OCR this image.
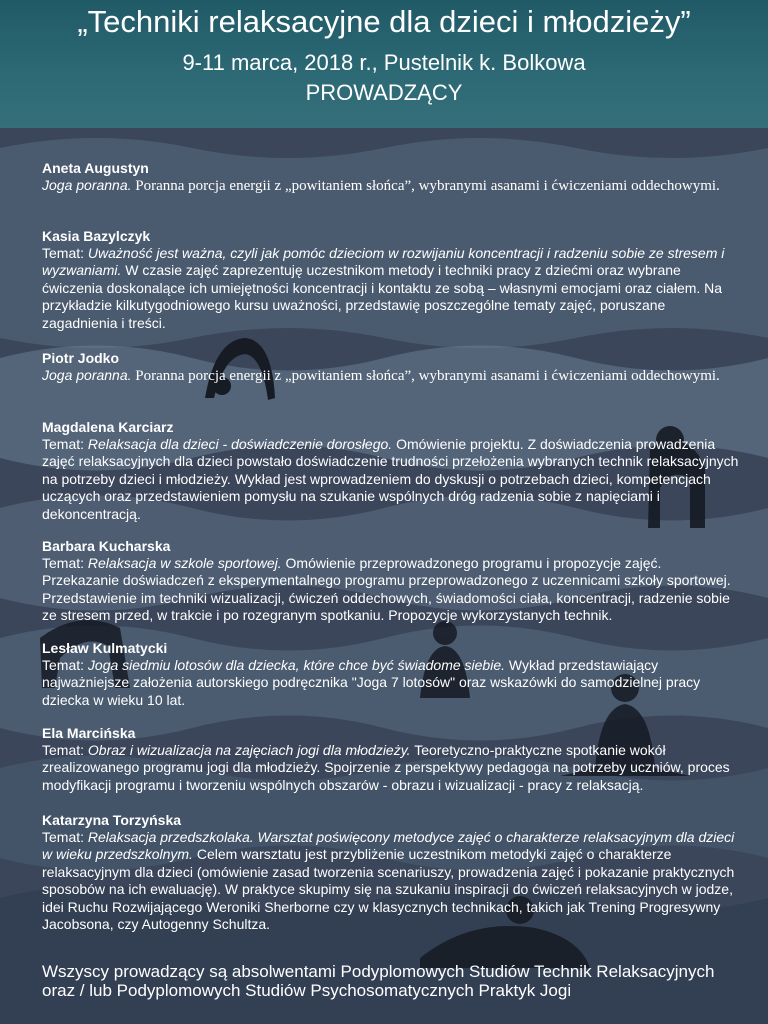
„Techniki relaksacyjne dla dzieci i młodzieży”
9-11 marca, 2018 r., Pustelnik k. Bolkowa
PROWADZĄCY
Aneta Augustyn
Joga poranna. Poranna porcja energii z „powitaniem słońca”, wybranymi asanami i ćwiczeniami oddechowymi.
Kasia Bazylczyk
Temat: Uważność jest ważna, czyli jak pomóc dzieciom w rozwijaniu koncentracji i radzeniu sobie ze stresem i wyzwaniami. W czasie zajęć zaprezentuję uczestnikom metody i techniki pracy z dziećmi oraz wybrane ćwiczenia doskonalące ich umiejętności koncentracji i kontaktu ze sobą – własnymi emocjami oraz ciałem. Na przykładzie kilkutygodniowego kursu uważności, przedstawię poszczególne tematy zajęć, poruszane zagadnienia i treści.
Piotr Jodko
Joga poranna. Poranna porcja energii z „powitaniem słońca”, wybranymi asanami i ćwiczeniami oddechowymi.
Magdalena Karciarz
Temat: Relaksacja dla dzieci - doświadczenie dorosłego. Omówienie projektu. Z doświadczenia prowadzenia zajęć relaksacyjnych dla dzieci powstało doświadczenie trudności przełożenia wybranych technik relaksacyjnych na potrzeby dzieci i młodzieży. Wykład jest wprowadzeniem do dyskusji o potrzebach dzieci, kompetencjach uczących oraz przedstawieniem pomysłu na szukanie wspólnych dróg radzenia sobie z napięciami i dekoncentracją.
Barbara Kucharska
Temat: Relaksacja w szkole sportowej. Omówienie przeprowadzonego programu i propozycje zajęć. Przekazanie doświadczeń z eksperymentalnego programu przeprowadzonego z uczennicami szkoły sportowej. Przedstawienie im techniki wizualizacji, ćwiczeń oddechowych, świadomości ciała, koncentracji, radzenie sobie ze stresem przed, w trakcie i po rozegranym spotkaniu. Propozycje wykorzystanych technik.
Lesław Kulmatycki
Temat: Joga siedmiu lotosów dla dziecka, które chce być świadome siebie. Wykład przedstawiający najważniejsze założenia autorskiego podręcznika "Joga 7 lotosów" oraz wskazówki do samodzielnej pracy dziecka w wieku 10 lat.
Ela Marcińska
Temat: Obraz i wizualizacja na zajęciach jogi dla młodzieży. Teoretyczno-praktyczne spotkanie wokół zrealizowanego programu jogi dla młodzieży. Spojrzenie z perspektywy pedagoga na potrzeby uczniów, proces modyfikacji programu i tworzeniu wspólnych obszarów - obrazu i wizualizacji - pracy z relaksacją.
Katarzyna Torzyńska
Temat: Relaksacja przedszkolaka. Warsztat poświęcony metodyce zajęć o charakterze relaksacyjnym dla dzieci w wieku przedszkolnym. Celem warsztatu jest przybliżenie uczestnikom metodyki zajęć o charakterze relaksacyjnym dla dzieci (omówienie zasad tworzenia scenariuszy, prowadzenia zajęć i pokazanie praktycznych sposobów na ich ewaluację). W praktyce skupimy się na szukaniu inspiracji do ćwiczeń relaksacyjnych w jodze, idei Ruchu Rozwijającego Weroniki Sherborne czy w klasycznych technikach, takich jak Trening Progresywny Jacobsona, czy Autogenny Schultza.
Wszyscy prowadzący są absolwentami Podyplomowych Studiów Technik Relaksacyjnych oraz / lub Podyplomowych Studiów Psychosomatycznych Praktyk Jogi
